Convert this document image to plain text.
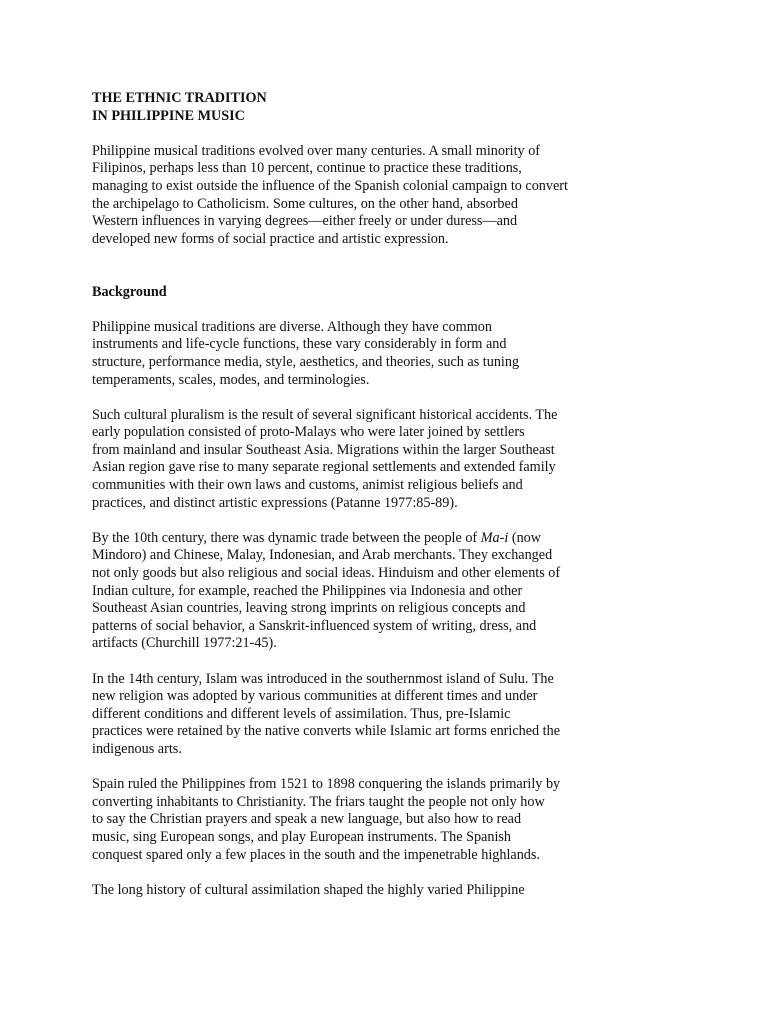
THE ETHNIC TRADITION
IN PHILIPPINE MUSIC
Philippine musical traditions evolved over many centuries. A small minority of
Filipinos, perhaps less than 10 percent, continue to practice these traditions,
managing to exist outside the influence of the Spanish colonial campaign to convert
the archipelago to Catholicism. Some cultures, on the other hand, absorbed
Western influences in varying degrees—either freely or under duress—and
developed new forms of social practice and artistic expression.
Background
Philippine musical traditions are diverse. Although they have common
instruments and life-cycle functions, these vary considerably in form and
structure, performance media, style, aesthetics, and theories, such as tuning
temperaments, scales, modes, and terminologies.
Such cultural pluralism is the result of several significant historical accidents. The
early population consisted of proto-Malays who were later joined by settlers
from mainland and insular Southeast Asia. Migrations within the larger Southeast
Asian region gave rise to many separate regional settlements and extended family
communities with their own laws and customs, animist religious beliefs and
practices, and distinct artistic expressions (Patanne 1977:85-89).
By the 10th century, there was dynamic trade between the people of Ma-i (now
Mindoro) and Chinese, Malay, Indonesian, and Arab merchants. They exchanged
not only goods but also religious and social ideas. Hinduism and other elements of
Indian culture, for example, reached the Philippines via Indonesia and other
Southeast Asian countries, leaving strong imprints on religious concepts and
patterns of social behavior, a Sanskrit-influenced system of writing, dress, and
artifacts (Churchill 1977:21-45).
In the 14th century, Islam was introduced in the southernmost island of Sulu. The
new religion was adopted by various communities at different times and under
different conditions and different levels of assimilation. Thus, pre-Islamic
practices were retained by the native converts while Islamic art forms enriched the
indigenous arts.
Spain ruled the Philippines from 1521 to 1898 conquering the islands primarily by
converting inhabitants to Christianity. The friars taught the people not only how
to say the Christian prayers and speak a new language, but also how to read
music, sing European songs, and play European instruments. The Spanish
conquest spared only a few places in the south and the impenetrable highlands.
The long history of cultural assimilation shaped the highly varied Philippine
